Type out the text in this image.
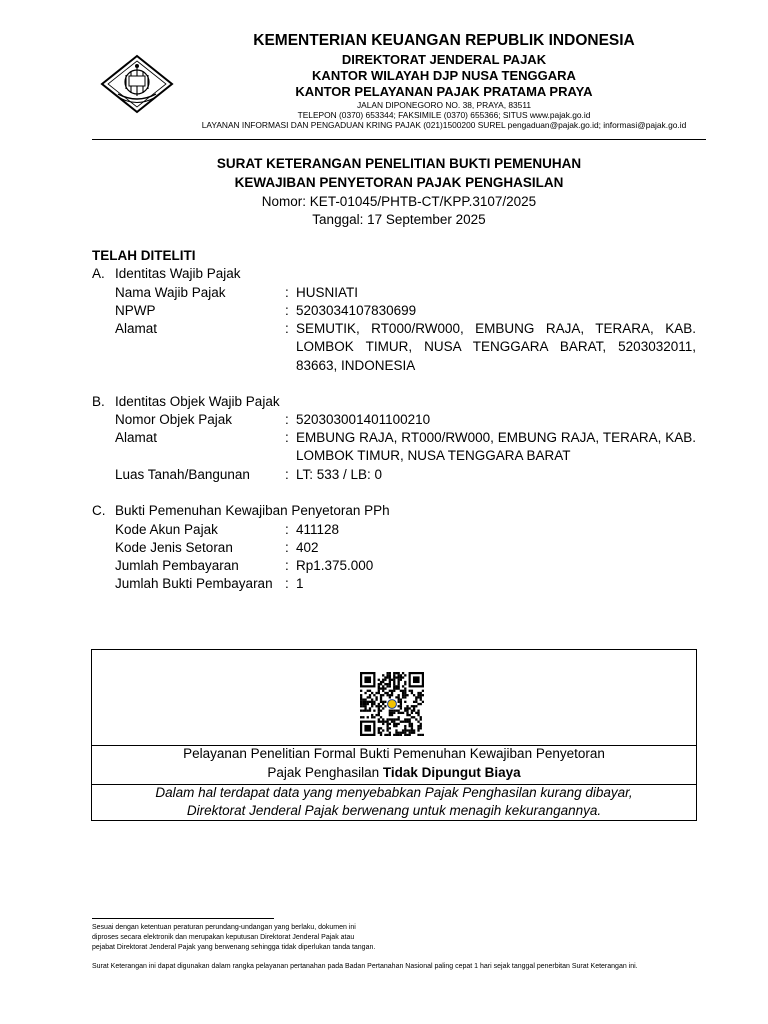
KEMENTERIAN KEUANGAN REPUBLIK INDONESIA
DIREKTORAT JENDERAL PAJAK
KANTOR WILAYAH DJP NUSA TENGGARA
KANTOR PELAYANAN PAJAK PRATAMA PRAYA
JALAN DIPONEGORO NO. 38, PRAYA, 83511
TELEPON (0370) 653344; FAKSIMILE (0370) 655366; SITUS www.pajak.go.id
LAYANAN INFORMASI DAN PENGADUAN KRING PAJAK (021)1500200 SUREL pengaduan@pajak.go.id; informasi@pajak.go.id
SURAT KETERANGAN PENELITIAN BUKTI PEMENUHAN
KEWAJIBAN PENYETORAN PAJAK PENGHASILAN
Nomor: KET-01045/PHTB-CT/KPP.3107/2025
Tanggal: 17 September 2025
TELAH DITELITI
A. Identitas Wajib Pajak
Nama Wajib Pajak	: HUSNIATI
NPWP	: 5203034107830699
Alamat	: SEMUTIK, RT000/RW000, EMBUNG RAJA, TERARA, KAB. LOMBOK TIMUR, NUSA TENGGARA BARAT, 5203032011, 83663, INDONESIA
B. Identitas Objek Wajib Pajak
Nomor Objek Pajak	: 520303001401100210
Alamat	: EMBUNG RAJA, RT000/RW000, EMBUNG RAJA, TERARA, KAB. LOMBOK TIMUR, NUSA TENGGARA BARAT
Luas Tanah/Bangunan	: LT: 533 / LB: 0
C. Bukti Pemenuhan Kewajiban Penyetoran PPh
Kode Akun Pajak	: 411128
Kode Jenis Setoran	: 402
Jumlah Pembayaran	: Rp1.375.000
Jumlah Bukti Pembayaran : 1
Pelayanan Penelitian Formal Bukti Pemenuhan Kewajiban Penyetoran
Pajak Penghasilan Tidak Dipungut Biaya
Dalam hal terdapat data yang menyebabkan Pajak Penghasilan kurang dibayar,
Direktorat Jenderal Pajak berwenang untuk menagih kekurangannya.
Sesuai dengan ketentuan peraturan perundang-undangan yang berlaku, dokumen ini
diproses secara elektronik dan merupakan keputusan Direktorat Jenderal Pajak atau
pejabat Direktorat Jenderal Pajak yang berwenang sehingga tidak diperlukan tanda tangan.
Surat Keterangan ini dapat digunakan dalam rangka pelayanan pertanahan pada Badan Pertanahan Nasional paling cepat 1 hari sejak tanggal penerbitan Surat Keterangan ini.
